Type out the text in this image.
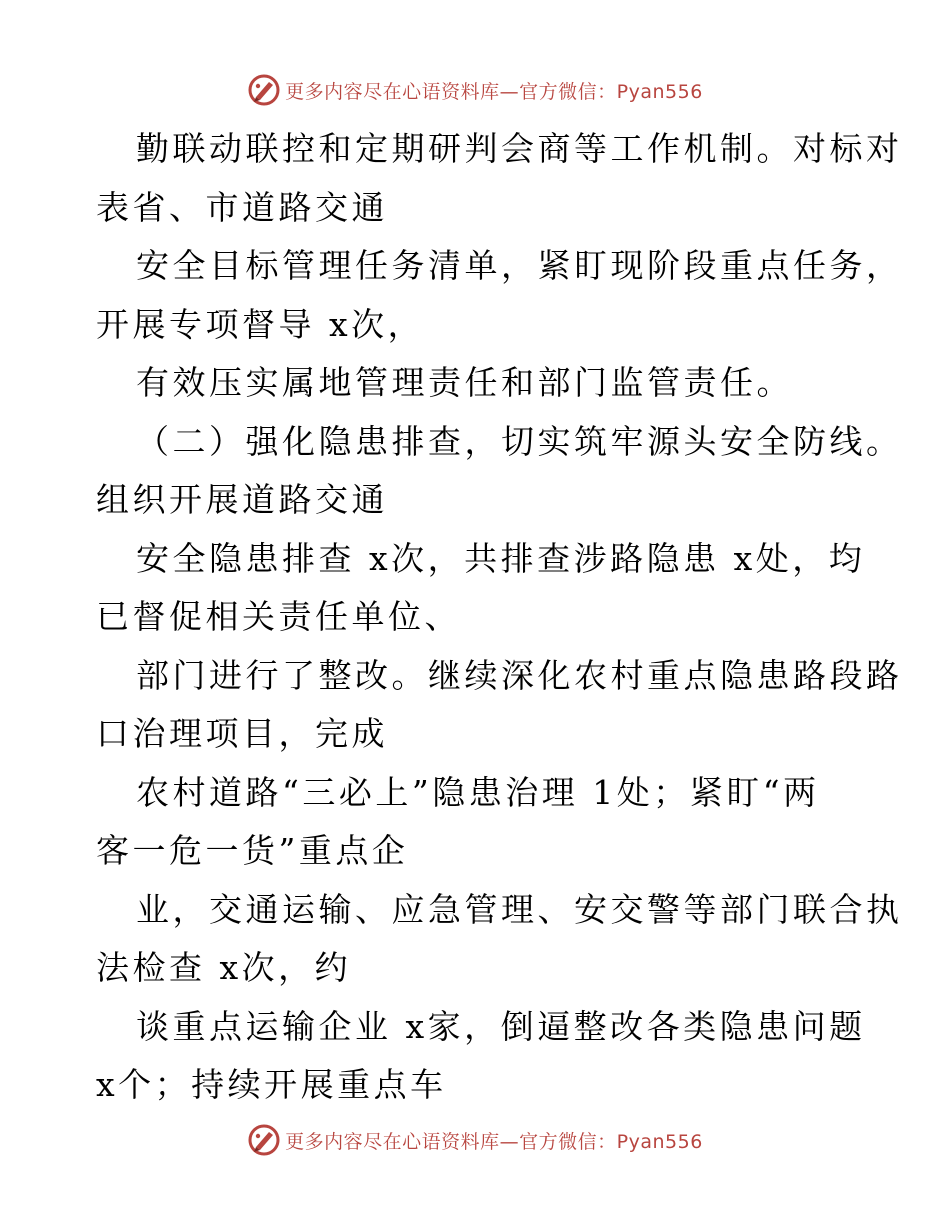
更多内容尽在心语资料库—官方微信：Pyan556

勤联动联控和定期研判会商等工作机制。对标对

表省、市道路交通

安全目标管理任务清单，紧盯现阶段重点任务，

开展专项督导 x次，

有效压实属地管理责任和部门监管责任。

（二）强化隐患排查，切实筑牢源头安全防线。

组织开展道路交通

安全隐患排查 x次，共排查涉路隐患 x处，均

已督促相关责任单位、

部门进行了整改。继续深化农村重点隐患路段路

口治理项目，完成

农村道路“三必上”隐患治理 1处；紧盯“两

客一危一货”重点企

业，交通运输、应急管理、安交警等部门联合执

法检查 x次，约

谈重点运输企业 x家，倒逼整改各类隐患问题

x个；持续开展重点车

更多内容尽在心语资料库—官方微信：Pyan556
